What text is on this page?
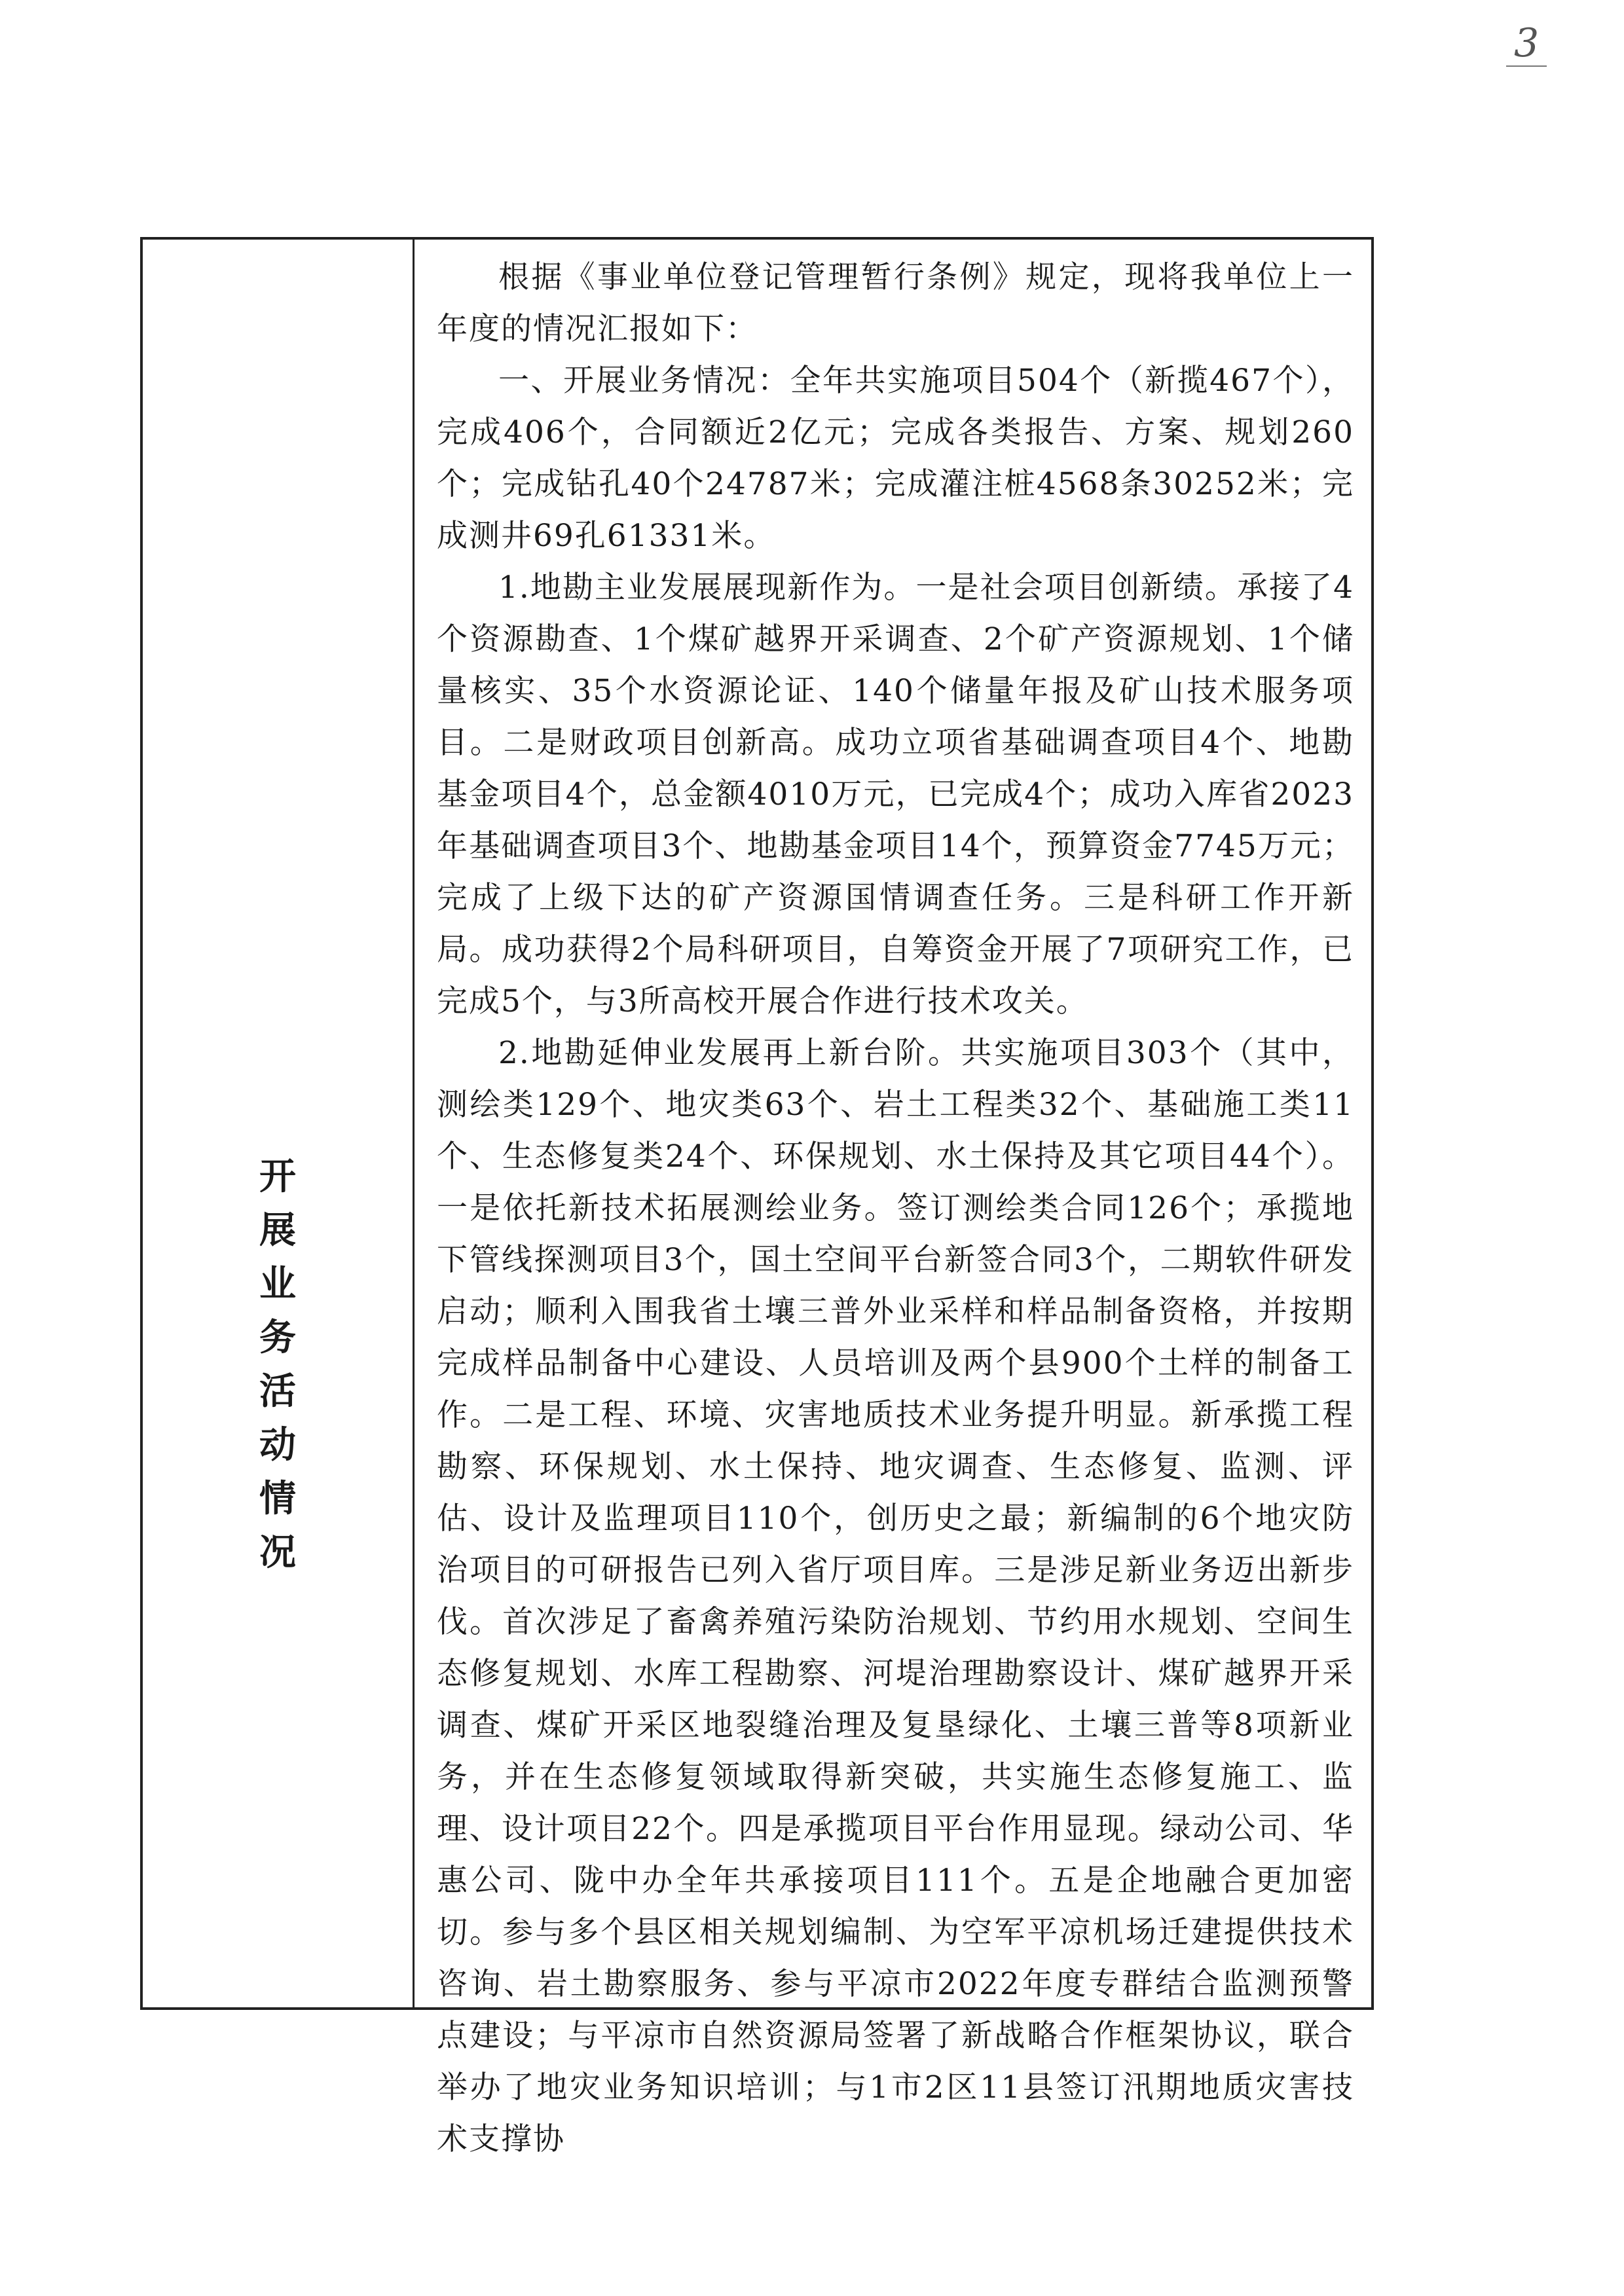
3
开
展
业
务
活
动
情
况

根据《事业单位登记管理暂行条例》规定，现将我单位上一年度的情况汇报如下：

一、开展业务情况：全年共实施项目504个（新揽467个），完成406个，合同额近2亿元；完成各类报告、方案、规划260个；完成钻孔40个24787米；完成灌注桩4568条30252米；完成测井69孔61331米。

1.地勘主业发展展现新作为。一是社会项目创新绩。承接了4个资源勘查、1个煤矿越界开采调查、2个矿产资源规划、1个储量核实、35个水资源论证、140个储量年报及矿山技术服务项目。二是财政项目创新高。成功立项省基础调查项目4个、地勘基金项目4个，总金额4010万元，已完成4个；成功入库省2023年基础调查项目3个、地勘基金项目14个，预算资金7745万元；完成了上级下达的矿产资源国情调查任务。三是科研工作开新局。成功获得2个局科研项目，自筹资金开展了7项研究工作，已完成5个，与3所高校开展合作进行技术攻关。

2.地勘延伸业发展再上新台阶。共实施项目303个（其中，测绘类129个、地灾类63个、岩土工程类32个、基础施工类11个、生态修复类24个、环保规划、水土保持及其它项目44个）。一是依托新技术拓展测绘业务。签订测绘类合同126个；承揽地下管线探测项目3个，国土空间平台新签合同3个，二期软件研发启动；顺利入围我省土壤三普外业采样和样品制备资格，并按期完成样品制备中心建设、人员培训及两个县900个土样的制备工作。二是工程、环境、灾害地质技术业务提升明显。新承揽工程勘察、环保规划、水土保持、地灾调查、生态修复、监测、评估、设计及监理项目110个，创历史之最；新编制的6个地灾防治项目的可研报告已列入省厅项目库。三是涉足新业务迈出新步伐。首次涉足了畜禽养殖污染防治规划、节约用水规划、空间生态修复规划、水库工程勘察、河堤治理勘察设计、煤矿越界开采调查、煤矿开采区地裂缝治理及复垦绿化、土壤三普等8项新业务，并在生态修复领域取得新突破，共实施生态修复施工、监理、设计项目22个。四是承揽项目平台作用显现。绿动公司、华惠公司、陇中办全年共承接项目111个。五是企地融合更加密切。参与多个县区相关规划编制、为空军平凉机场迁建提供技术咨询、岩土勘察服务、参与平凉市2022年度专群结合监测预警点建设；与平凉市自然资源局签署了新战略合作框架协议，联合举办了地灾业务知识培训；与1市2区11县签订汛期地质灾害技术支撑协
